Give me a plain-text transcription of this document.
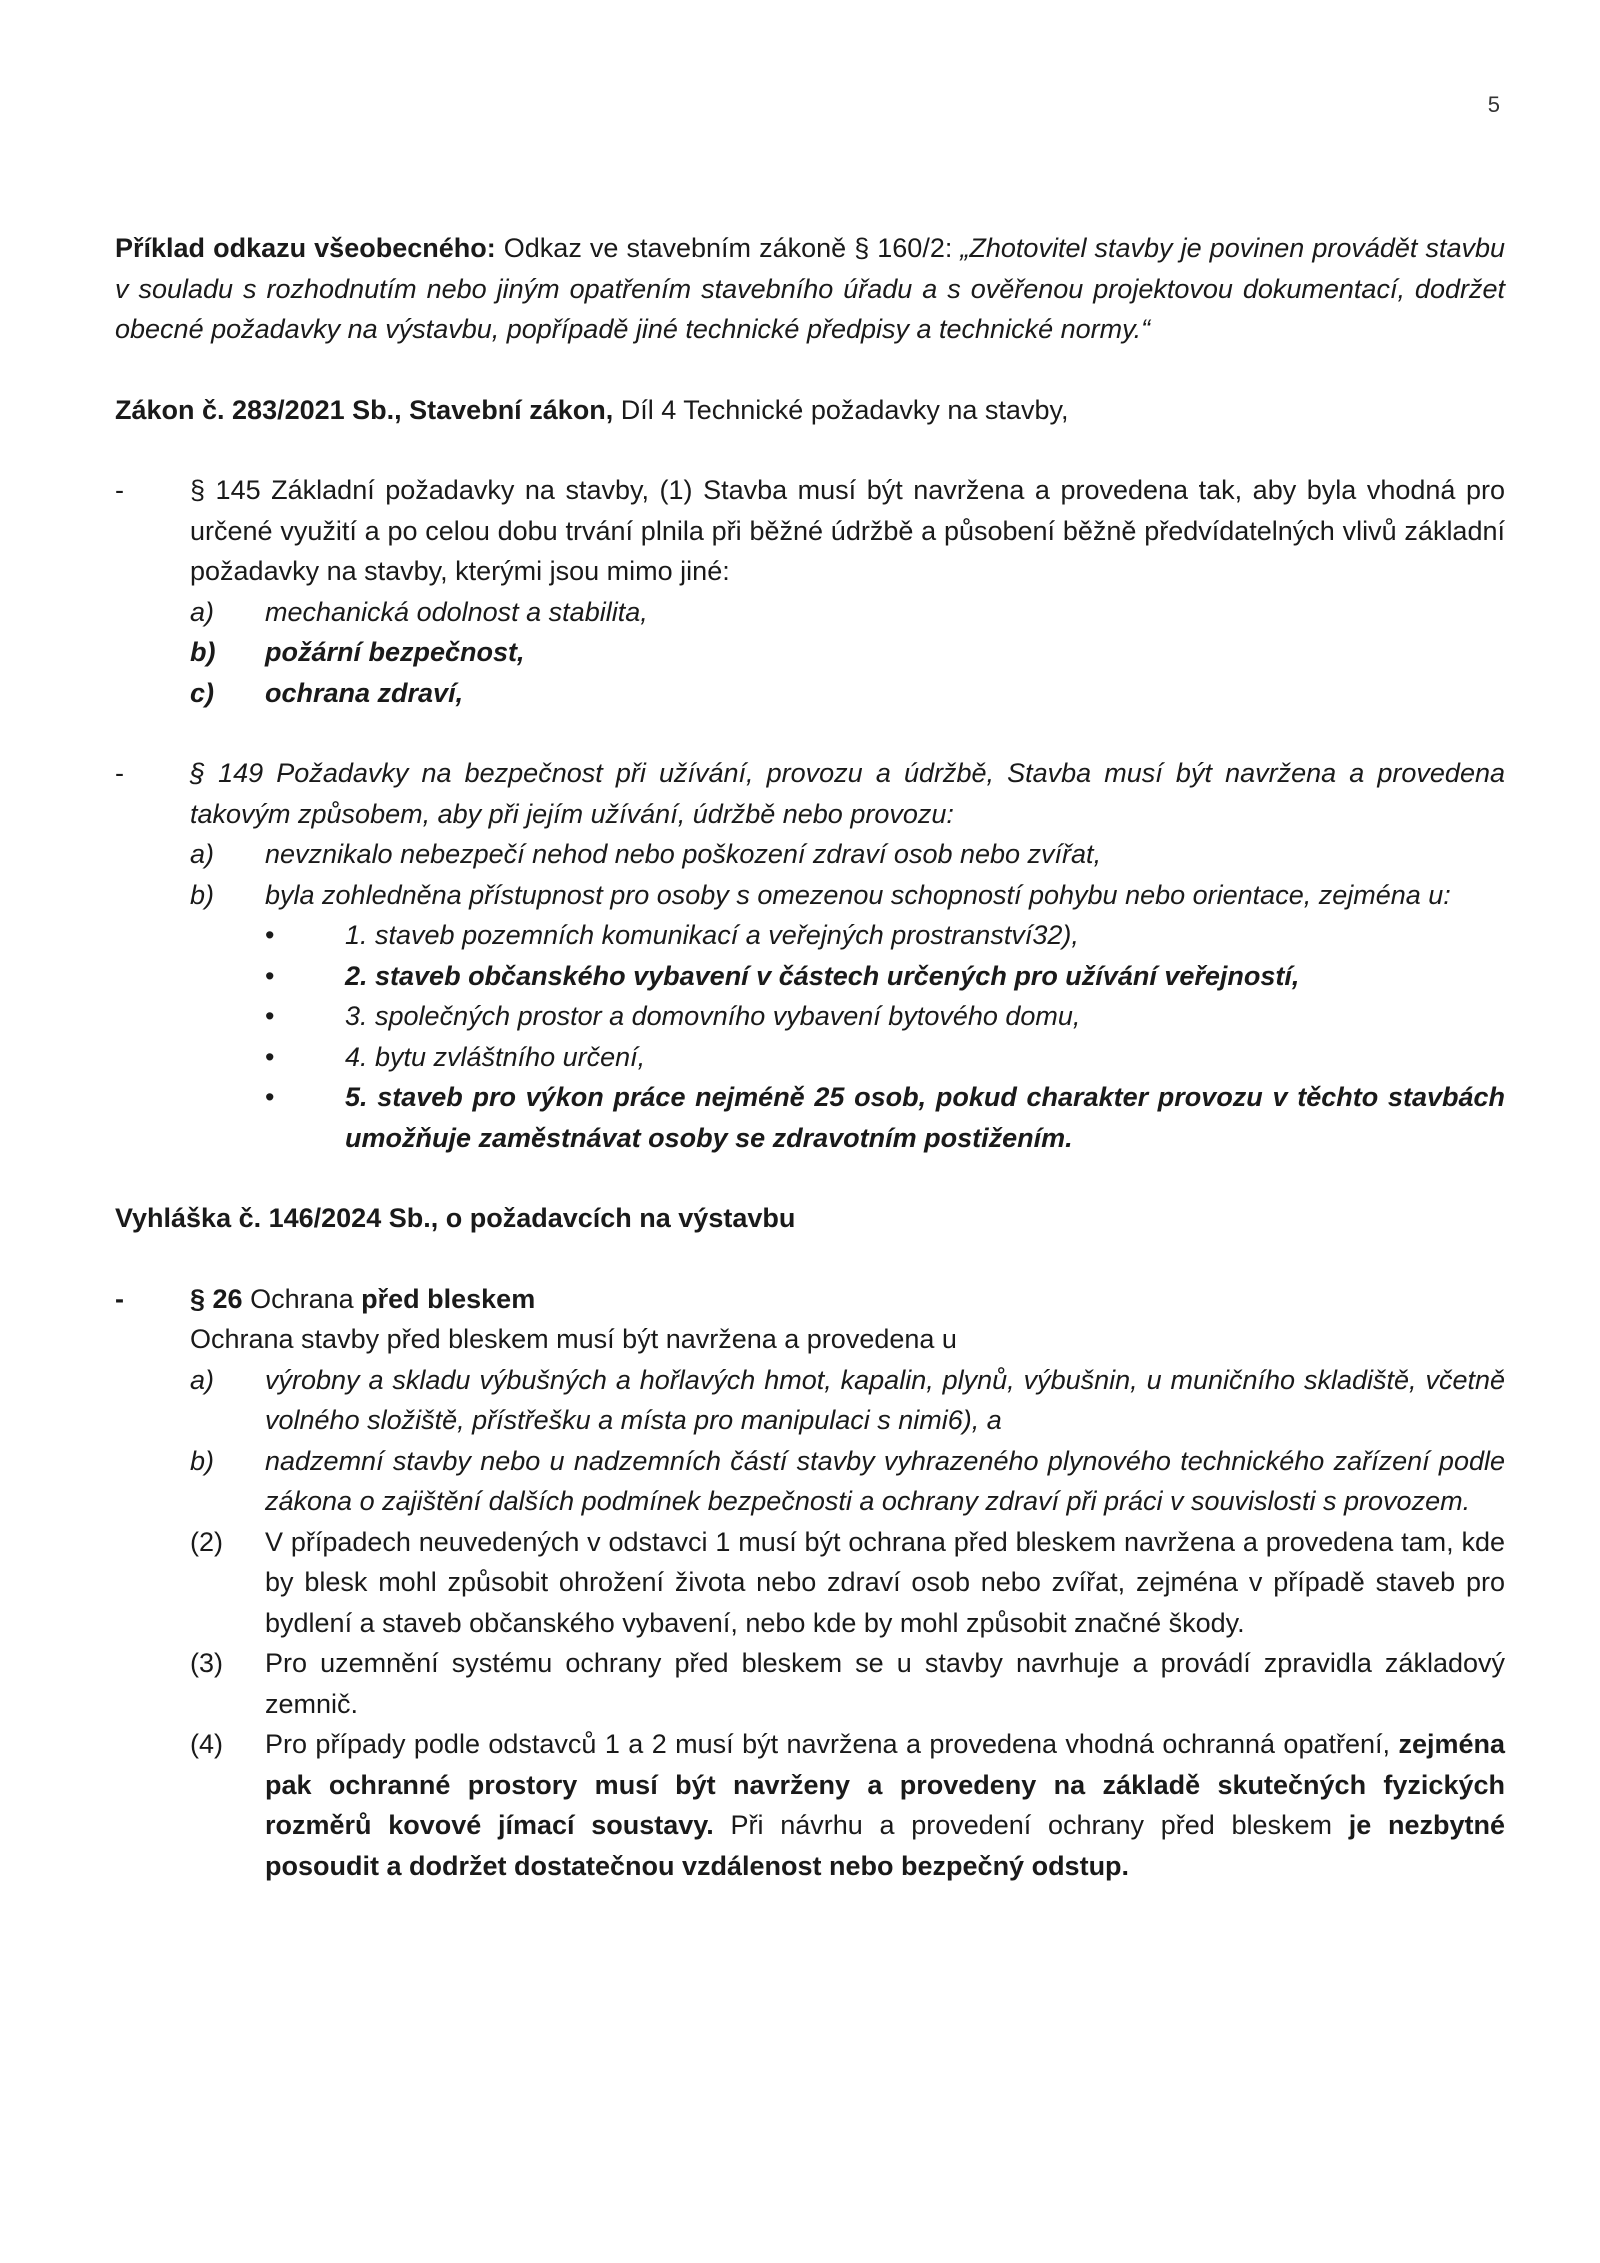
5

Příklad odkazu všeobecného: Odkaz ve stavebním zákoně § 160/2: „Zhotovitel stavby je povinen provádět stavbu v souladu s rozhodnutím nebo jiným opatřením stavebního úřadu a s ověřenou projektovou dokumentací, dodržet obecné požadavky na výstavbu, popřípadě jiné technické předpisy a technické normy.“

Zákon č. 283/2021 Sb., Stavební zákon, Díl 4 Technické požadavky na stavby,

- § 145 Základní požadavky na stavby, (1) Stavba musí být navržena a provedena tak, aby byla vhodná pro určené využití a po celou dobu trvání plnila při běžné údržbě a působení běžně předvídatelných vlivů základní požadavky na stavby, kterými jsou mimo jiné:

a) mechanická odolnost a stabilita,

b) požární bezpečnost,

c) ochrana zdraví,

- § 149 Požadavky na bezpečnost při užívání, provozu a údržbě, Stavba musí být navržena a provedena takovým způsobem, aby při jejím užívání, údržbě nebo provozu:

a) nevznikalo nebezpečí nehod nebo poškození zdraví osob nebo zvířat,

b) byla zohledněna přístupnost pro osoby s omezenou schopností pohybu nebo orientace, zejména u:

•	1. staveb pozemních komunikací a veřejných prostranství32),

•	2. staveb občanského vybavení v částech určených pro užívání veřejností,

•	3. společných prostor a domovního vybavení bytového domu,

•	4. bytu zvláštního určení,

•	5. staveb pro výkon práce nejméně 25 osob, pokud charakter provozu v těchto stavbách umožňuje zaměstnávat osoby se zdravotním postižením.

Vyhláška č. 146/2024 Sb., o požadavcích na výstavbu

- § 26 Ochrana před bleskem

Ochrana stavby před bleskem musí být navržena a provedena u

a) výrobny a skladu výbušných a hořlavých hmot, kapalin, plynů, výbušnin, u muničního skladiště, včetně volného složiště, přístřešku a místa pro manipulaci s nimi6), a

b) nadzemní stavby nebo u nadzemních částí stavby vyhrazeného plynového technického zařízení podle zákona o zajištění dalších podmínek bezpečnosti a ochrany zdraví při práci v souvislosti s provozem.

(2) V případech neuvedených v odstavci 1 musí být ochrana před bleskem navržena a provedena tam, kde by blesk mohl způsobit ohrožení života nebo zdraví osob nebo zvířat, zejména v případě staveb pro bydlení a staveb občanského vybavení, nebo kde by mohl způsobit značné škody.

(3) Pro uzemnění systému ochrany před bleskem se u stavby navrhuje a provádí zpravidla základový zemnič.

(4) Pro případy podle odstavců 1 a 2 musí být navržena a provedena vhodná ochranná opatření, zejména pak ochranné prostory musí být navrženy a provedeny na základě skutečných fyzických rozměrů kovové jímací soustavy. Při návrhu a provedení ochrany před bleskem je nezbytné posoudit a dodržet dostatečnou vzdálenost nebo bezpečný odstup.
